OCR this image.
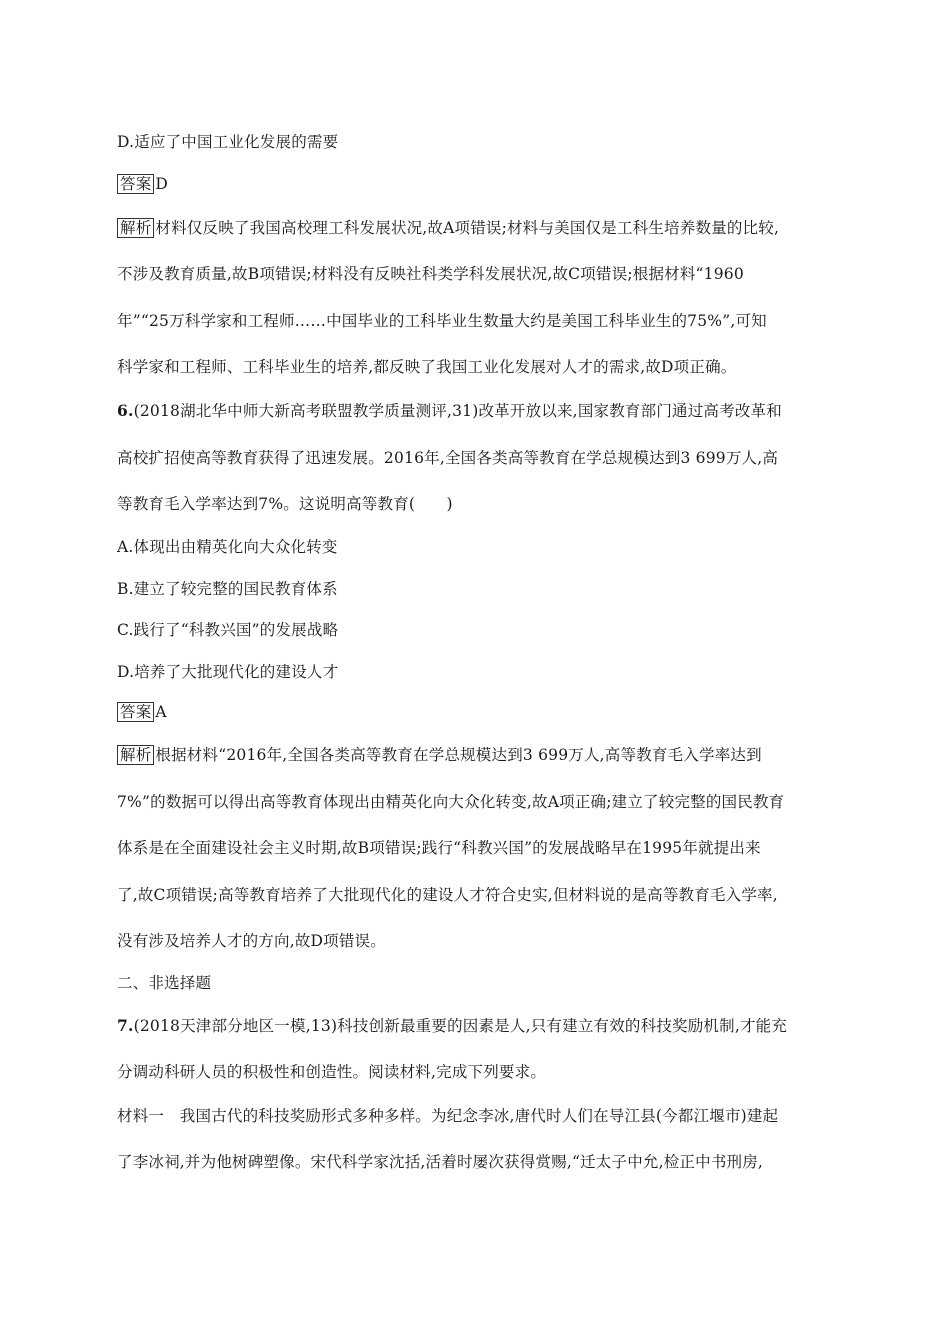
D.适应了中国工业化发展的需要
答案 D
解析 材料仅反映了我国高校理工科发展状况,故A项错误;材料与美国仅是工科生培养数量的比较,
不涉及教育质量,故B项错误;材料没有反映社科类学科发展状况,故C项错误;根据材料“1960
年”“25万科学家和工程师……中国毕业的工科毕业生数量大约是美国工科毕业生的75%”,可知
科学家和工程师、工科毕业生的培养,都反映了我国工业化发展对人才的需求,故D项正确。
6.(2018湖北华中师大新高考联盟教学质量测评,31)改革开放以来,国家教育部门通过高考改革和
高校扩招使高等教育获得了迅速发展。2016年,全国各类高等教育在学总规模达到3 699万人,高
等教育毛入学率达到7%。这说明高等教育(　　)
A.体现出由精英化向大众化转变
B.建立了较完整的国民教育体系
C.践行了“科教兴国”的发展战略
D.培养了大批现代化的建设人才
答案 A
解析 根据材料“2016年,全国各类高等教育在学总规模达到3 699万人,高等教育毛入学率达到
7%”的数据可以得出高等教育体现出由精英化向大众化转变,故A项正确;建立了较完整的国民教育
体系是在全面建设社会主义时期,故B项错误;践行“科教兴国”的发展战略早在1995年就提出来
了,故C项错误;高等教育培养了大批现代化的建设人才符合史实,但材料说的是高等教育毛入学率,
没有涉及培养人才的方向,故D项错误。
二、非选择题
7.(2018天津部分地区一模,13)科技创新最重要的因素是人,只有建立有效的科技奖励机制,才能充
分调动科研人员的积极性和创造性。阅读材料,完成下列要求。
材料一　我国古代的科技奖励形式多种多样。为纪念李冰,唐代时人们在导江县(今都江堰市)建起
了李冰祠,并为他树碑塑像。宋代科学家沈括,活着时屡次获得赏赐,“迁太子中允,检正中书刑房,
